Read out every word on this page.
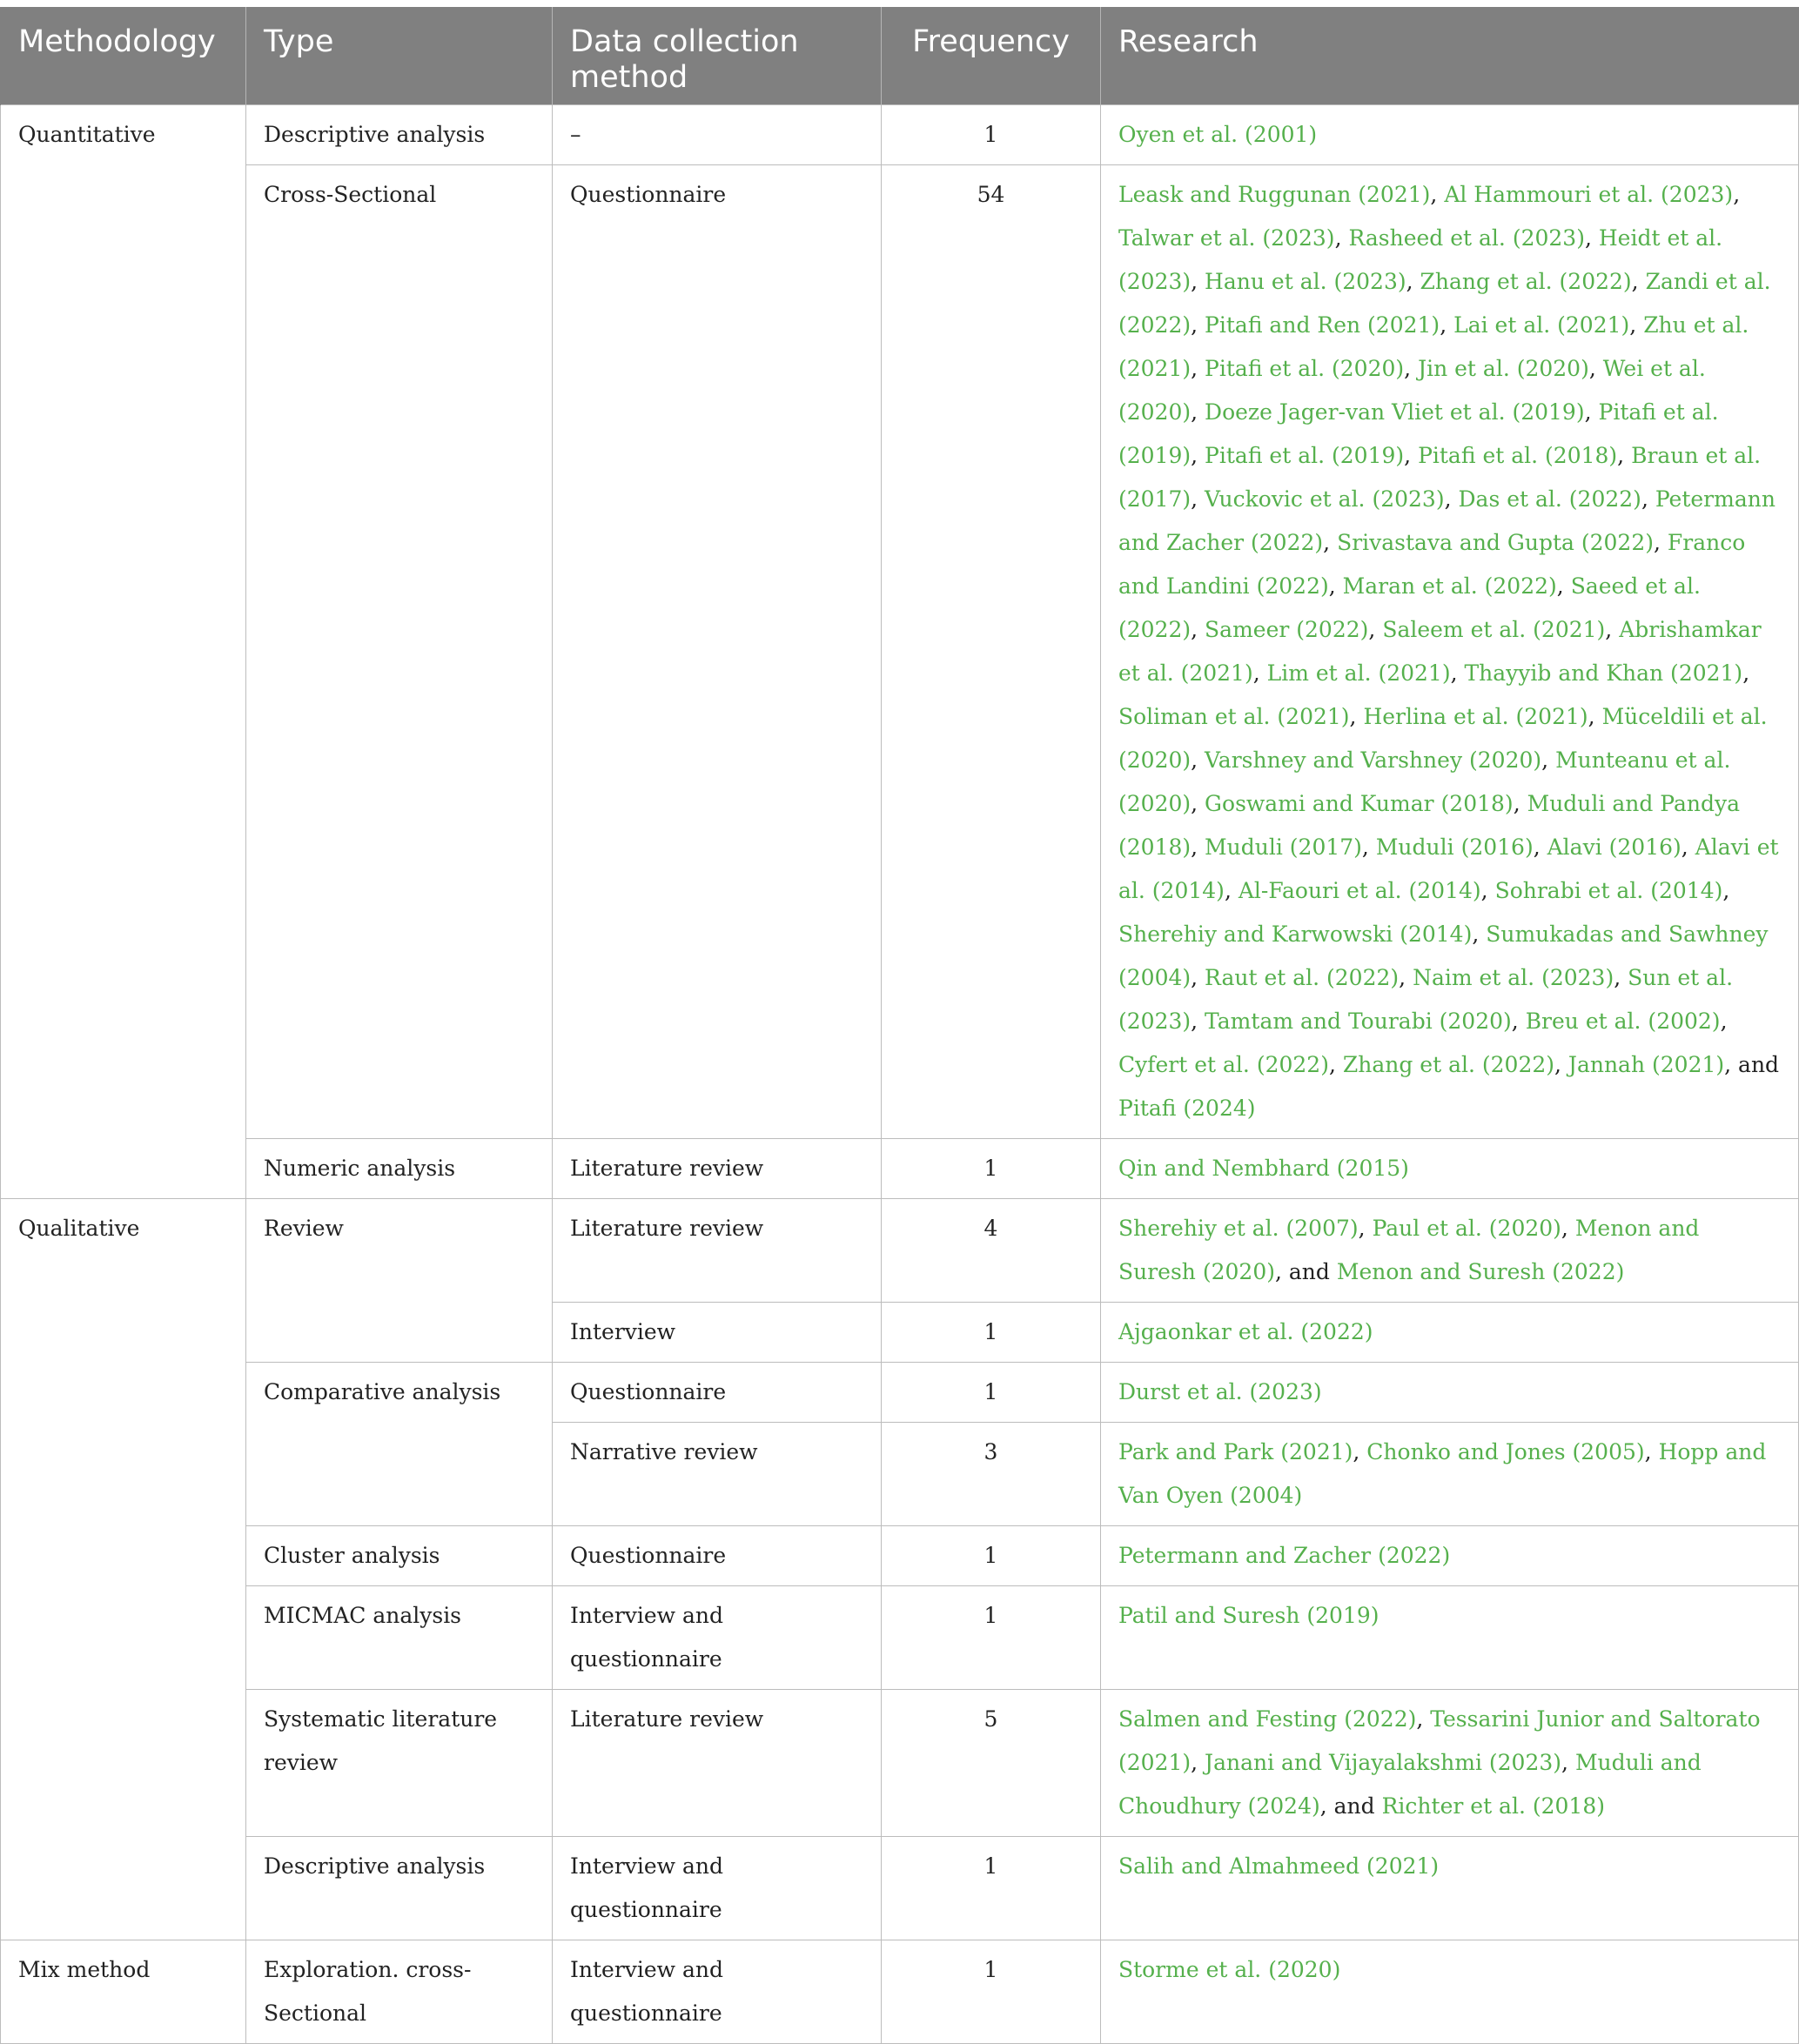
Methodology	Type	Data collection method	Frequency	Research
Quantitative	Descriptive analysis	–	1	Oyen et al. (2001)
	Cross-Sectional	Questionnaire	54	Leask and Ruggunan (2021), Al Hammouri et al. (2023), Talwar et al. (2023), Rasheed et al. (2023), Heidt et al. (2023), Hanu et al. (2023), Zhang et al. (2022), Zandi et al. (2022), Pitafi and Ren (2021), Lai et al. (2021), Zhu et al. (2021), Pitafi et al. (2020), Jin et al. (2020), Wei et al. (2020), Doeze Jager-van Vliet et al. (2019), Pitafi et al. (2019), Pitafi et al. (2019), Pitafi et al. (2018), Braun et al. (2017), Vuckovic et al. (2023), Das et al. (2022), Petermann and Zacher (2022), Srivastava and Gupta (2022), Franco and Landini (2022), Maran et al. (2022), Saeed et al. (2022), Sameer (2022), Saleem et al. (2021), Abrishamkar et al. (2021), Lim et al. (2021), Thayyib and Khan (2021), Soliman et al. (2021), Herlina et al. (2021), Müceldili et al. (2020), Varshney and Varshney (2020), Munteanu et al. (2020), Goswami and Kumar (2018), Muduli and Pandya (2018), Muduli (2017), Muduli (2016), Alavi (2016), Alavi et al. (2014), Al-Faouri et al. (2014), Sohrabi et al. (2014), Sherehiy and Karwowski (2014), Sumukadas and Sawhney (2004), Raut et al. (2022), Naim et al. (2023), Sun et al. (2023), Tamtam and Tourabi (2020), Breu et al. (2002), Cyfert et al. (2022), Zhang et al. (2022), Jannah (2021), and Pitafi (2024)
	Numeric analysis	Literature review	1	Qin and Nembhard (2015)
Qualitative	Review	Literature review	4	Sherehiy et al. (2007), Paul et al. (2020), Menon and Suresh (2020), and Menon and Suresh (2022)
		Interview	1	Ajgaonkar et al. (2022)
	Comparative analysis	Questionnaire	1	Durst et al. (2023)
		Narrative review	3	Park and Park (2021), Chonko and Jones (2005), Hopp and Van Oyen (2004)
	Cluster analysis	Questionnaire	1	Petermann and Zacher (2022)
	MICMAC analysis	Interview and questionnaire	1	Patil and Suresh (2019)
	Systematic literature review	Literature review	5	Salmen and Festing (2022), Tessarini Junior and Saltorato (2021), Janani and Vijayalakshmi (2023), Muduli and Choudhury (2024), and Richter et al. (2018)
	Descriptive analysis	Interview and questionnaire	1	Salih and Almahmeed (2021)
Mix method	Exploration. cross-Sectional	Interview and questionnaire	1	Storme et al. (2020)
